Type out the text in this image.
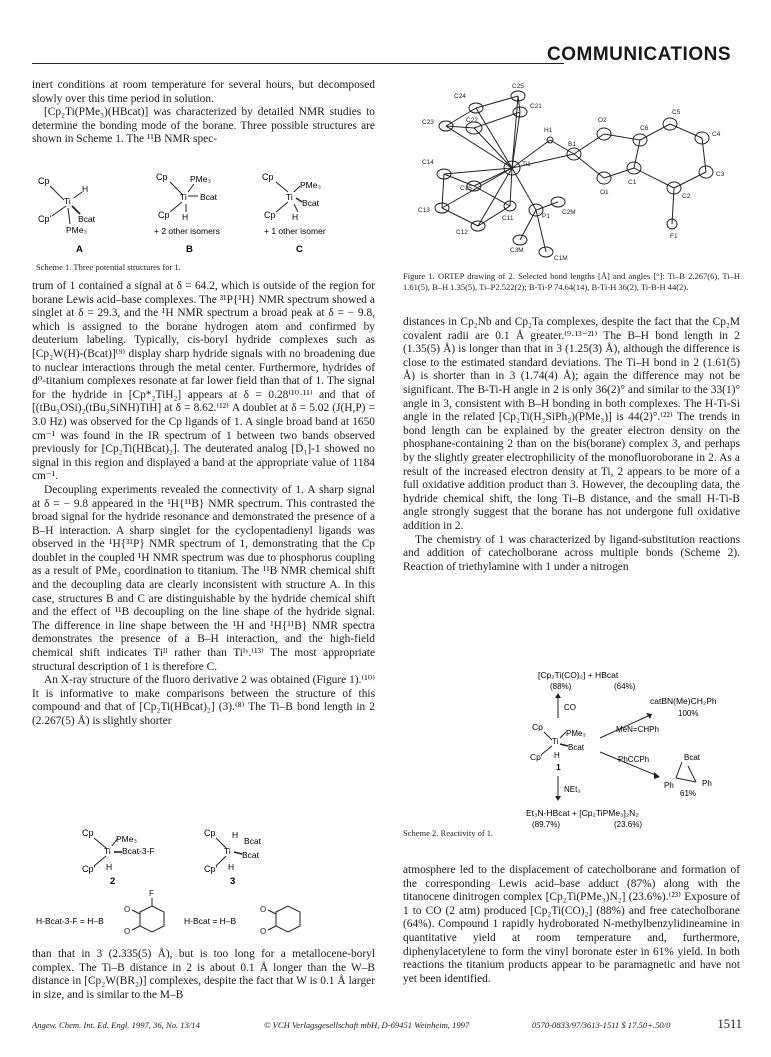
COMMUNICATIONS

inert conditions at room temperature for several hours, but decomposed slowly over this time period in solution.

[Cp₂Ti(PMe₃)(HBcat)] was characterized by detailed NMR studies to determine the bonding mode of the borane. Three possible structures are shown in Scheme 1. The ¹¹B NMR spec-

Cp
Ti
H
Bcat
Cp'
PMe₃
A
Cp	PMe₃
Ti Bcat
Cp H
+ 2 other isomers
B
Cp
PMe₃
Ti
Bcat
Cp H
+ 1 other isomer
C
Scheme 1. Three potential structures for 1.

trum of 1 contained a signal at δ = 64.2, which is outside of the region for borane Lewis acid–base complexes. The ³¹P{¹H} NMR spectrum showed a singlet at δ = 29.3, and the ¹H NMR spectrum a broad peak at δ = − 9.8, which is assigned to the borane hydrogen atom and confirmed by deuterium labeling. Typically, cis-boryl hydride complexes such as [Cp₂W(H)-(Bcat)]⁽⁹⁾ display sharp hydride signals with no broadening due to nuclear interactions through the metal center. Furthermore, hydrides of d⁰-titanium complexes resonate at far lower field than that of 1. The signal for the hydride in [Cp*₂TiH₂] appears at δ = 0.28⁽¹⁰·¹¹⁾ and that of [(tBu₃OSi)₂(tBu₃SiNH)TiH] at δ = 8.62.⁽¹²⁾ A doublet at δ = 5.02 (J(H,P) = 3.0 Hz) was observed for the Cp ligands of 1. A single broad band at 1650 cm⁻¹ was found in the IR spectrum of 1 between two bands observed previously for [Cp₂Ti(HBcat)₂]. The deuterated analog [D₁]-1 showed no signal in this region and displayed a band at the appropriate value of 1184 cm⁻¹.

Decoupling experiments revealed the connectivity of 1. A sharp signal at δ = − 9.8 appeared in the ¹H{¹¹B} NMR spectrum. This contrasted the broad signal for the hydride resonance and demonstrated the presence of a B–H interaction. A sharp singlet for the cyclopentadienyl ligands was observed in the ¹H{³¹P} NMR spectrum of 1, demonstrating that the Cp doublet in the coupled ¹H NMR spectrum was due to phosphorus coupling as a result of PMe₃ coordination to titanium. The ¹¹B NMR chemical shift and the decoupling data are clearly inconsistent with structure A. In this case, structures B and C are distinguishable by the hydride chemical shift and the effect of ¹¹B decoupling on the line shape of the hydride signal. The difference in line shape between the ¹H and ¹H{¹¹B} NMR spectra demonstrates the presence of a B–H interaction, and the high-field chemical shift indicates Tiᴵᴵ rather than Tiᴵᵛ.⁽¹³⁾ The most appropriate structural description of 1 is therefore C.

An X-ray structure of the fluoro derivative 2 was obtained (Figure 1).⁽¹⁰⁾ It is informative to make comparisons between the structure of this compound and that of [Cp₂Ti(HBcat)₂] (3).⁽⁸⁾ The Ti–B bond length in 2 (2.267(5) Å) is slightly shorter

Cp
PMe₃
Ti Bcat-3-F
Cp' H
2
Cp H
Bcat
Ti Bcat
Cp' H
3
H-Bcat-3-F = H–B
O
O
F
H-Bcat = H–B
O
O

than that in 3 (2.335(5) Å), but is too long for a metallocene-boryl complex. The Ti–B distance in 2 is about 0.1 Å longer than the W–B distance in [Cp₂W(BR₂)] complexes, despite the fact that W is 0.1 Å larger in size, and is similar to the M–B

C25
C24
C21
C23	C22
H1
O2
C5
C6
C4
B1
C14	Ti1
C15
C11
C1
C3
C2M
O1
C2
C13
P1
C12
C3M
F1
C1M
Figure 1. ORTEP drawing of 2. Selected bond lengths [Å] and angles [°]: Ti–B 2.267(6), Ti–H 1.61(5), B–H 1.35(5), Ti–P2.522(2); B-Ti-P 74.64(14), B-Ti-H 36(2), Ti-B-H 44(2).

distances in Cp₂Nb and Cp₂Ta complexes, despite the fact that the Cp₂M covalent radii are 0.1 Å greater.⁽⁹·¹³⁻²¹⁾ The B–H bond length in 2 (1.35(5) Å) is longer than that in 3 (1.25(3) Å), although the difference is close to the estimated standard deviations. The Ti–H bond in 2 (1.61(5) Å) is shorter than in 3 (1.74(4) Å); again the difference may not be significant. The B-Ti-H angle in 2 is only 36(2)° and similar to the 33(1)° angle in 3, consistent with B–H bonding in both complexes. The H-Ti-Si angle in the related [Cp₂Ti(H₂SiPh₂)(PMe₃)] is 44(2)°.⁽²²⁾ The trends in bond length can be explained by the greater electron density on the phosphane-containing 2 than on the bis(borane) complex 3, and perhaps by the slightly greater electrophilicity of the monofluoroborane in 2. As a result of the increased electron density at Ti, 2 appears to be more of a full oxidative addition product than 3. However, the decoupling data, the hydride chemical shift, the long Ti–B distance, and the small H-Ti-B angle strongly suggest that the borane has not undergone full oxidative addition in 2.

The chemistry of 1 was characterized by ligand-substitution reactions and addition of catecholborane across multiple bonds (Scheme 2). Reaction of triethylamine with 1 under a nitrogen

[Cp₂Ti(CO)₂] + HBcat
(88%)	(64%)
CO
Cp
Ti
PMe₃
Bcat
Cp' H
1
NEt₃
Et₃N-HBcat + [Cp₂TiPMe₃]₂N₂
(89.7%)	(23.6%)
catBN(Me)CH₂Ph
100%
MeN=CHPh
PhCCPh	Bcat
Ph	Ph
61%
Scheme 2. Reactivity of 1.

atmosphere led to the displacement of catecholborane and formation of the corresponding Lewis acid–base adduct (87%) along with the titanocene dinitrogen complex [Cp₂Ti(PMe₃)N₂] (23.6%).⁽²³⁾ Exposure of 1 to CO (2 atm) produced [Cp₂Ti(CO)₂] (88%) and free catecholborane (64%). Compound 1 rapidly hydroborated N-methylbenzylidineamine in quantitative yield at room temperature and, furthermore, diphenylacetylene to form the vinyl boronate ester in 61% yield. In both reactions the titanium products appear to be paramagnetic and have not yet been identified.

Angew. Chem. Int. Ed. Engl. 1997, 36, No. 13/14	© VCH Verlagsgesellschaft mbH, D-69451 Weinheim, 1997	0570-0833/97/3613-1511 $ 17.50+.50/0	1511
